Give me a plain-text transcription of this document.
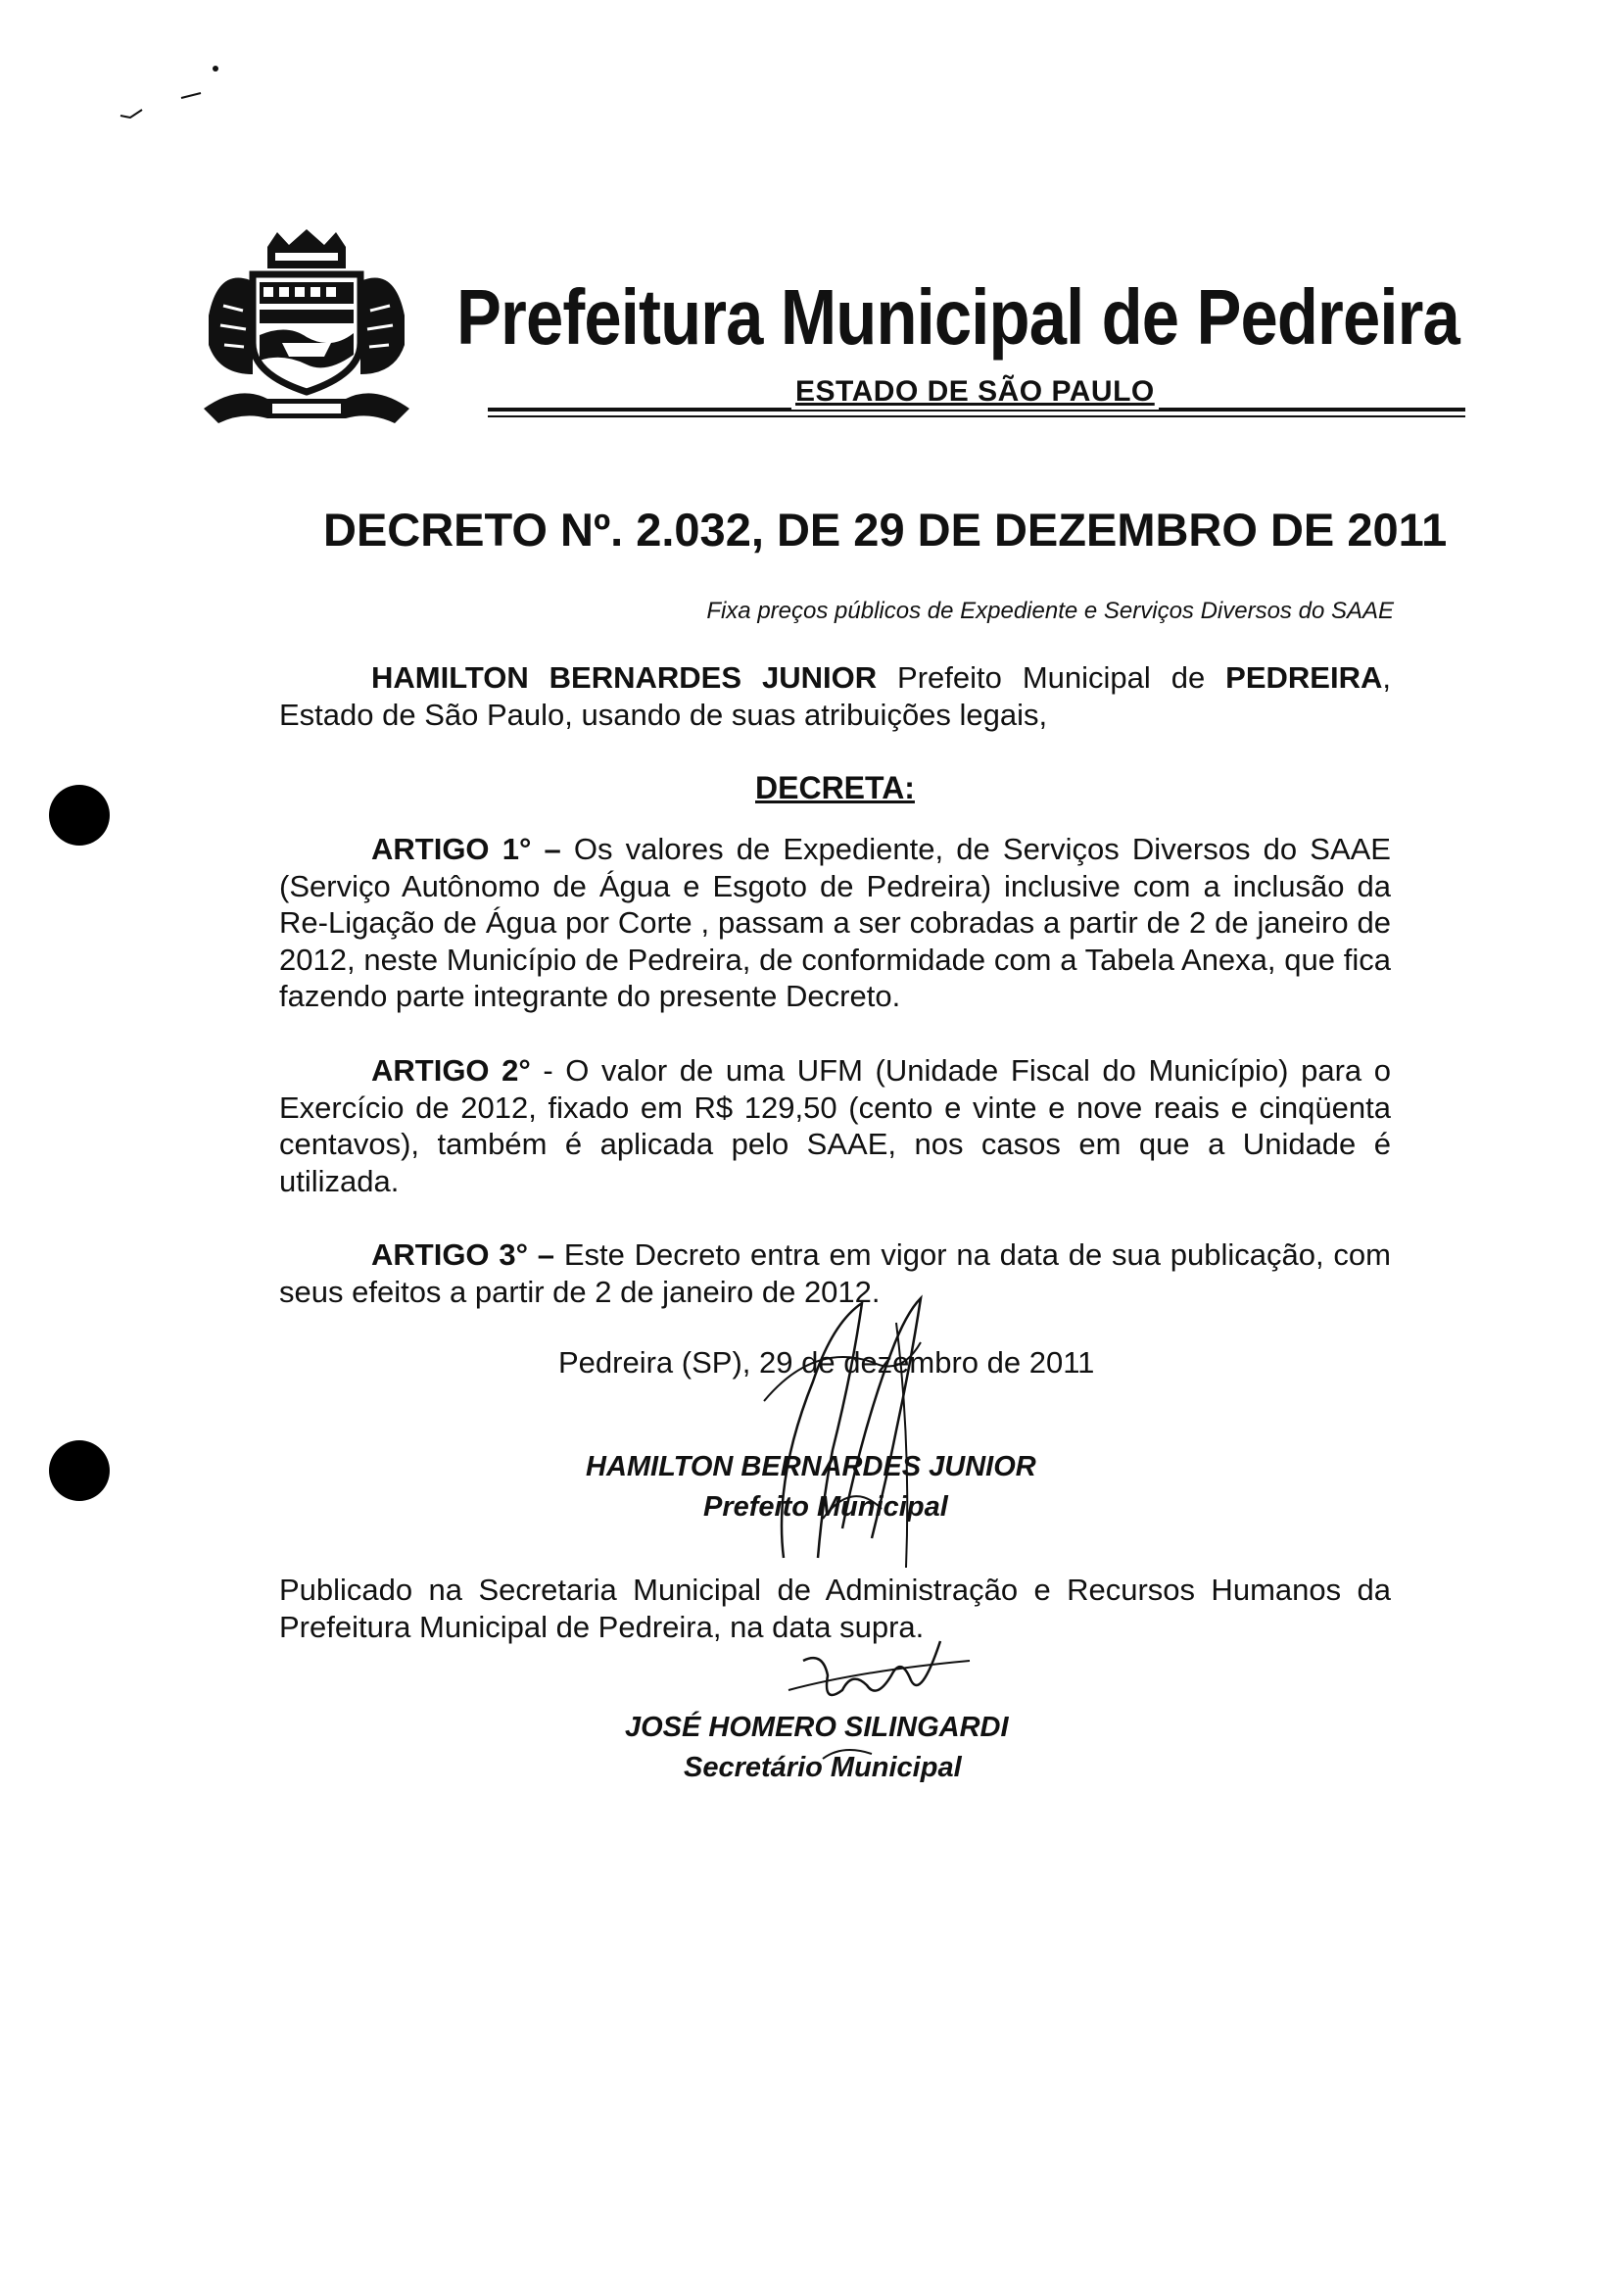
Prefeitura Municipal de Pedreira
ESTADO DE SÃO PAULO
DECRETO Nº. 2.032, DE 29 DE DEZEMBRO DE 2011
Fixa preços públicos de Expediente e Serviços Diversos do SAAE
HAMILTON BERNARDES JUNIOR Prefeito Municipal de PEDREIRA, Estado de São Paulo, usando de suas atribuições legais,
DECRETA:
ARTIGO 1° – Os valores de Expediente, de Serviços Diversos do SAAE (Serviço Autônomo de Água e Esgoto de Pedreira) inclusive com a inclusão da Re-Ligação de Água por Corte , passam a ser cobradas a partir de 2 de janeiro de 2012, neste Município de Pedreira, de conformidade com a Tabela Anexa, que fica fazendo parte integrante do presente Decreto.
ARTIGO 2° - O valor de uma UFM (Unidade Fiscal do Município) para o Exercício de 2012, fixado em R$ 129,50 (cento e vinte e nove reais e cinqüenta centavos), também é aplicada pelo SAAE, nos casos em que a Unidade é utilizada.
ARTIGO 3° – Este Decreto entra em vigor na data de sua publicação, com seus efeitos a partir de 2 de janeiro de 2012.
Pedreira (SP), 29 de dezembro de 2011
HAMILTON BERNARDES JUNIOR
Prefeito Municipal
Publicado na Secretaria Municipal de Administração e Recursos Humanos da Prefeitura Municipal de Pedreira, na data supra.
JOSÉ HOMERO SILINGARDI
Secretário Municipal
